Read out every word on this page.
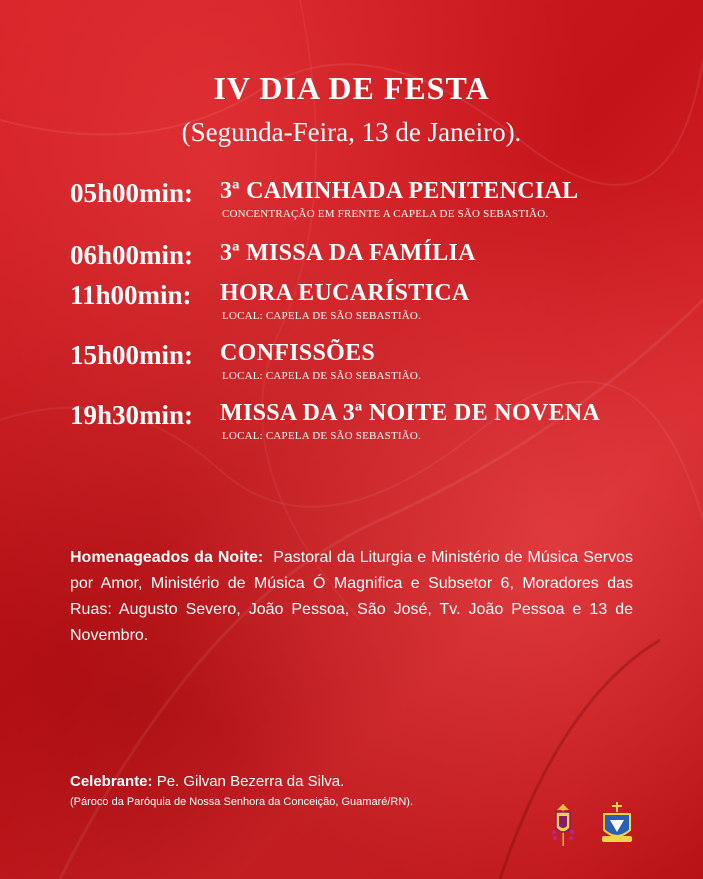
IV DIA DE FESTA
(Segunda-Feira, 13 de Janeiro).
05h00min: 3ª CAMINHADA PENITENCIAL
CONCENTRAÇÃO EM FRENTE A CAPELA DE SÃO SEBASTIÃO.
06h00min: 3ª MISSA DA FAMÍLIA
11h00min: HORA EUCARÍSTICA
LOCAL: CAPELA DE SÃO SEBASTIÃO.
15h00min: CONFISSÕES
LOCAL: CAPELA DE SÃO SEBASTIÃO.
19h30min: MISSA DA 3ª NOITE DE NOVENA
LOCAL: CAPELA DE SÃO SEBASTIÃO.
Homenageados da Noite: Pastoral da Liturgia e Ministério de Música Servos por Amor, Ministério de Música Ó Magnifica e Subsetor 6, Moradores das Ruas: Augusto Severo, João Pessoa, São José, Tv. João Pessoa e 13 de Novembro.
Celebrante: Pe. Gilvan Bezerra da Silva.
(Pároco da Paróquia de Nossa Senhora da Conceição, Guamaré/RN).
